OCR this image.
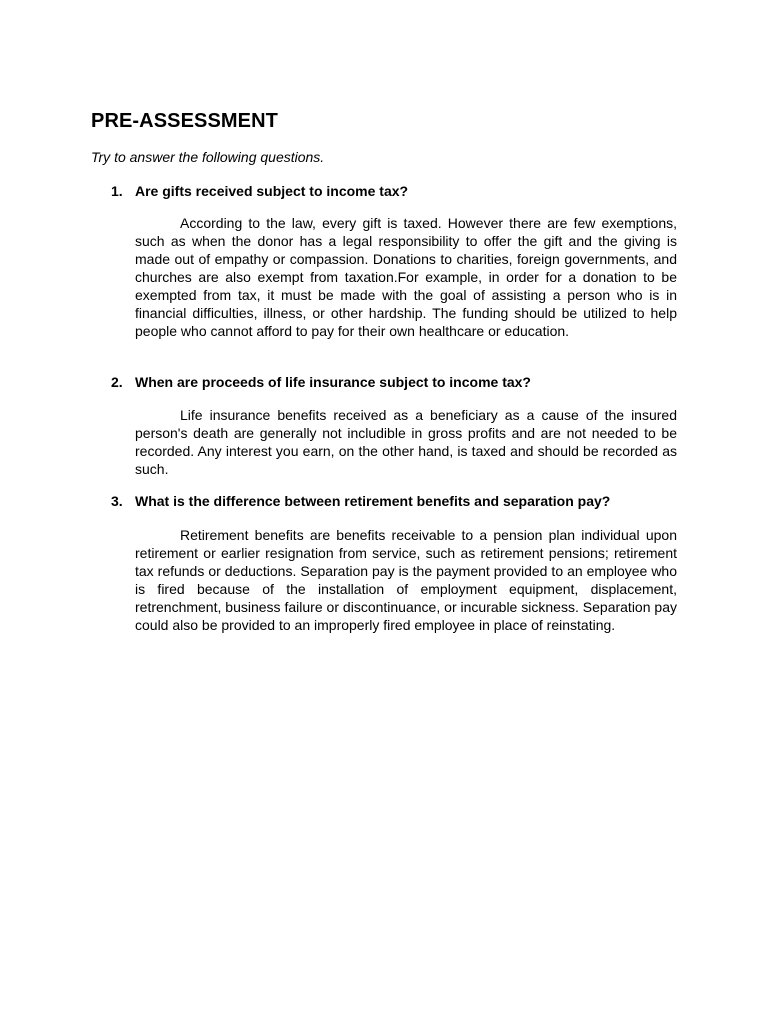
PRE-ASSESSMENT

Try to answer the following questions.

1. Are gifts received subject to income tax?

According to the law, every gift is taxed. However there are few exemptions, such as when the donor has a legal responsibility to offer the gift and the giving is made out of empathy or compassion. Donations to charities, foreign governments, and churches are also exempt from taxation.For example, in order for a donation to be exempted from tax, it must be made with the goal of assisting a person who is in financial difficulties, illness, or other hardship. The funding should be utilized to help people who cannot afford to pay for their own healthcare or education.

2. When are proceeds of life insurance subject to income tax?

Life insurance benefits received as a beneficiary as a cause of the insured person's death are generally not includible in gross profits and are not needed to be recorded. Any interest you earn, on the other hand, is taxed and should be recorded as such.

3. What is the difference between retirement benefits and separation pay?

Retirement benefits are benefits receivable to a pension plan individual upon retirement or earlier resignation from service, such as retirement pensions; retirement tax refunds or deductions. Separation pay is the payment provided to an employee who is fired because of the installation of employment equipment, displacement, retrenchment, business failure or discontinuance, or incurable sickness. Separation pay could also be provided to an improperly fired employee in place of reinstating.
